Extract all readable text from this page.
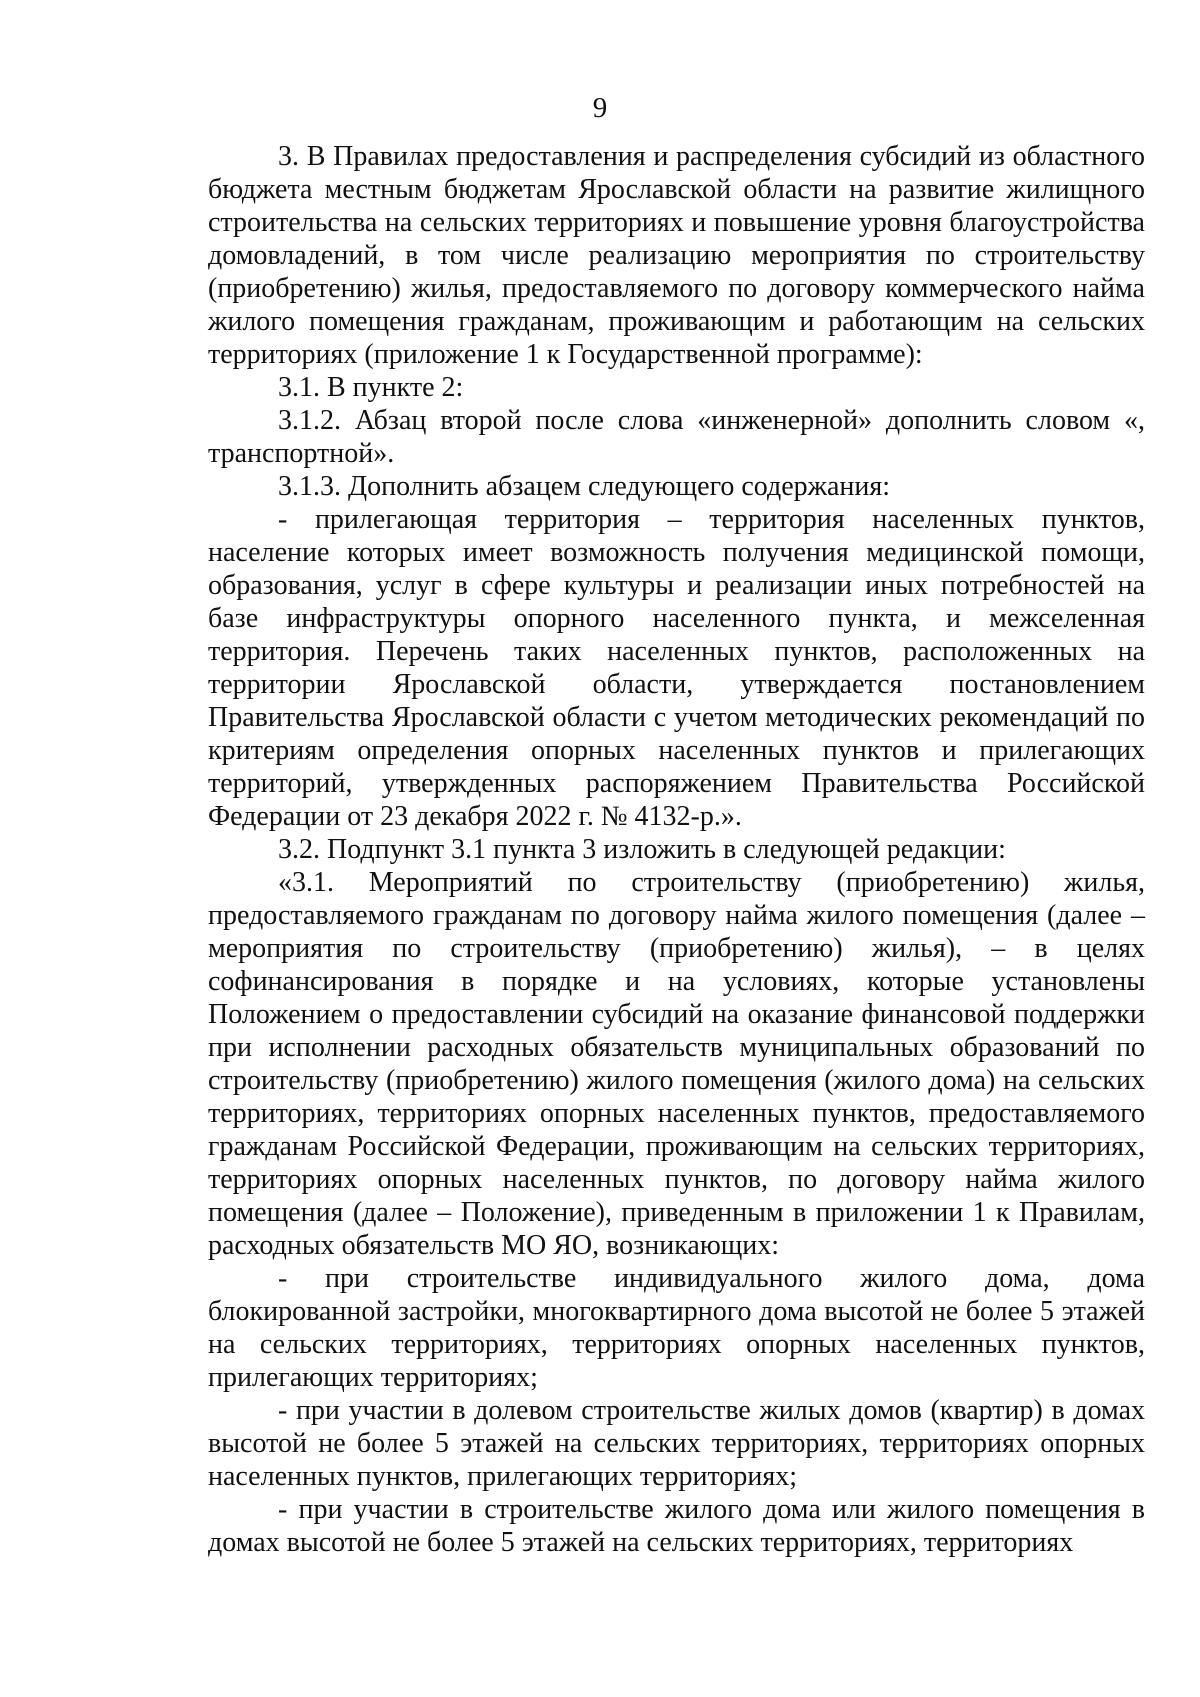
9

3. В Правилах предоставления и распределения субсидий из областного бюджета местным бюджетам Ярославской области на развитие жилищного строительства на сельских территориях и повышение уровня благоустройства домовладений, в том числе реализацию мероприятия по строительству (приобретению) жилья, предоставляемого по договору коммерческого найма жилого помещения гражданам, проживающим и работающим на сельских территориях (приложение 1 к Государственной программе):

3.1. В пункте 2:

3.1.2. Абзац второй после слова «инженерной» дополнить словом «, транспортной».

3.1.3. Дополнить абзацем следующего содержания:

- прилегающая территория – территория населенных пунктов, население которых имеет возможность получения медицинской помощи, образования, услуг в сфере культуры и реализации иных потребностей на базе инфраструктуры опорного населенного пункта, и межселенная территория. Перечень таких населенных пунктов, расположенных на территории Ярославской области, утверждается постановлением Правительства Ярославской области с учетом методических рекомендаций по критериям определения опорных населенных пунктов и прилегающих территорий, утвержденных распоряжением Правительства Российской Федерации от 23 декабря 2022 г. № 4132-р.».

3.2. Подпункт 3.1 пункта 3 изложить в следующей редакции:

«3.1. Мероприятий по строительству (приобретению) жилья, предоставляемого гражданам по договору найма жилого помещения (далее – мероприятия по строительству (приобретению) жилья), – в целях софинансирования в порядке и на условиях, которые установлены Положением о предоставлении субсидий на оказание финансовой поддержки при исполнении расходных обязательств муниципальных образований по строительству (приобретению) жилого помещения (жилого дома) на сельских территориях, территориях опорных населенных пунктов, предоставляемого гражданам Российской Федерации, проживающим на сельских территориях, территориях опорных населенных пунктов, по договору найма жилого помещения (далее – Положение), приведенным в приложении 1 к Правилам, расходных обязательств МО ЯО, возникающих:

- при строительстве индивидуального жилого дома, дома блокированной застройки, многоквартирного дома высотой не более 5 этажей на сельских территориях, территориях опорных населенных пунктов, прилегающих территориях;

- при участии в долевом строительстве жилых домов (квартир) в домах высотой не более 5 этажей на сельских территориях, территориях опорных населенных пунктов, прилегающих территориях;

- при участии в строительстве жилого дома или жилого помещения в домах высотой не более 5 этажей на сельских территориях, территориях
